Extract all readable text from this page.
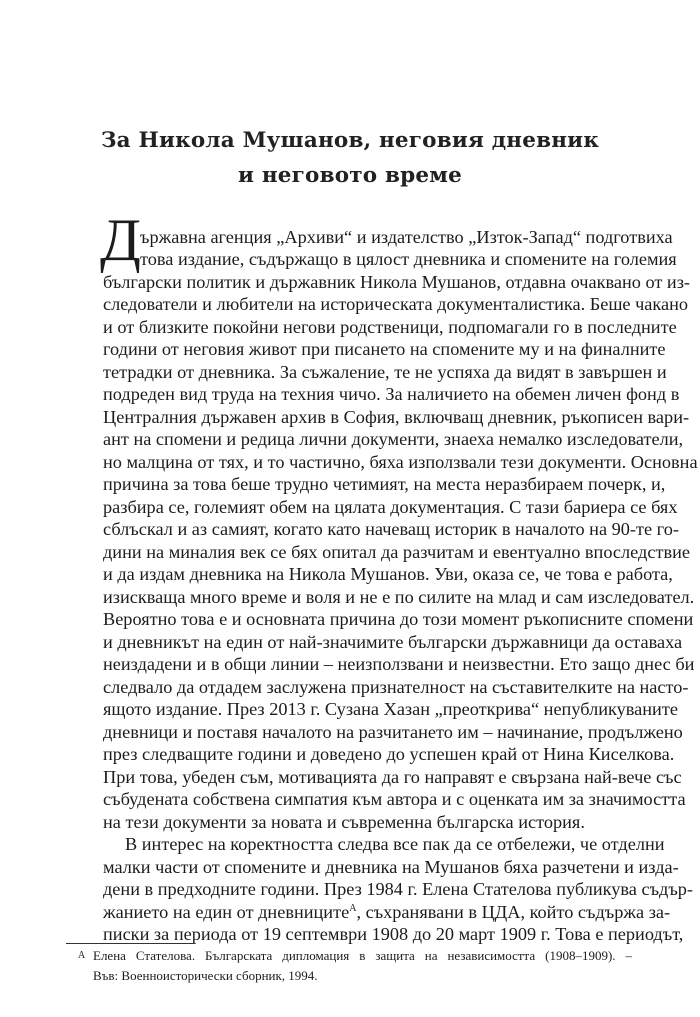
За Никола Мушанов, неговия дневник
и неговото време
Д ържавна агенция „Архиви“ и издателство „Изток-Запад“ подготвиха
това издание, съдържащо в цялост дневника и спомените на големия
български политик и държавник Никола Мушанов, отдавна очаквано от из-
следователи и любители на историческата документалистика. Беше чакано
и от близките покойни негови родственици, подпомагали го в последните
години от неговия живот при писането на спомените му и на финалните
тетрадки от дневника. За съжаление, те не успяха да видят в завършен и
подреден вид труда на техния чичо. За наличието на обемен личен фонд в
Централния държавен архив в София, включващ дневник, ръкописен вари-
ант на спомени и редица лични документи, знаеха немалко изследователи,
но малцина от тях, и то частично, бяха използвали тези документи. Основна
причина за това беше трудно четимият, на места неразбираем почерк, и,
разбира се, големият обем на цялата документация. С тази бариера се бях
сблъскал и аз самият, когато като начеващ историк в началото на 90-те го-
дини на миналия век се бях опитал да разчитам и евентуално впоследствие
и да издам дневника на Никола Мушанов. Уви, оказа се, че това е работа,
изискваща много време и воля и не е по силите на млад и сам изследовател.
Вероятно това е и основната причина до този момент ръкописните спомени
и дневникът на един от най-значимите български държавници да оставаха
неиздадени и в общи линии – неизползвани и неизвестни. Ето защо днес би
следвало да отдадем заслужена признателност на съставителките на насто-
ящото издание. През 2013 г. Сузана Хазан „преоткрива“ непубликуваните
дневници и поставя началото на разчитането им – начинание, продължено
през следващите години и доведено до успешен край от Нина Киселкова.
При това, убеден съм, мотивацията да го направят е свързана най-вече със
събудената собствена симпатия към автора и с оценката им за значимостта
на тези документи за новата и съвременна българска история.
В интерес на коректността следва все пак да се отбележи, че отделни
малки части от спомените и дневника на Мушанов бяха разчетени и изда-
дени в предходните години. През 1984 г. Елена Стателова публикува съдър-
жанието на един от дневниците$^А$, съхранявани в ЦДА, който съдържа за-
писки за периода от 19 септември 1908 до 20 март 1909 г. Това е периодът,
А Елена Стателова. Българската дипломация в защита на независимостта (1908–1909). –
Във: Военноисторически сборник, 1994.
